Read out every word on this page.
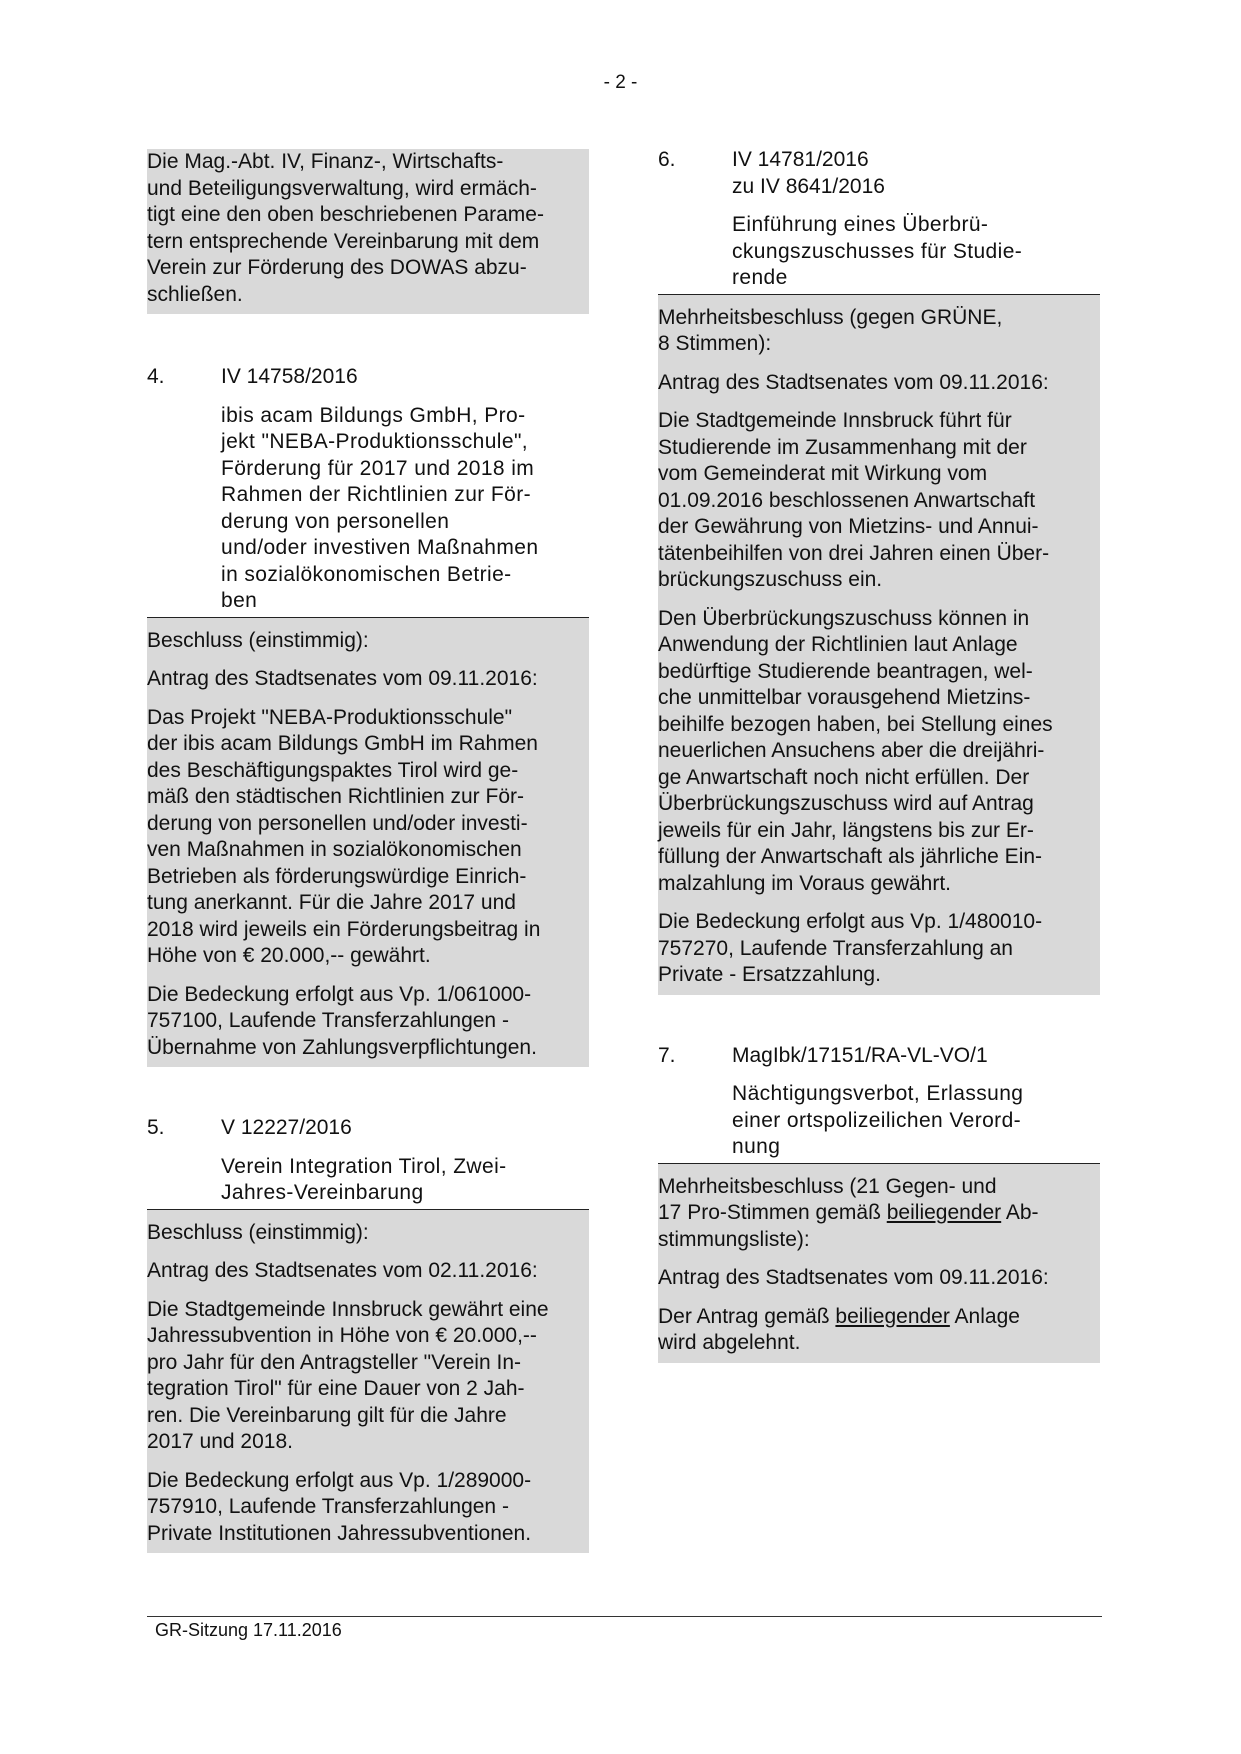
- 2 -
Die Mag.-Abt. IV, Finanz-, Wirtschafts-
und Beteiligungsverwaltung, wird ermäch-
tigt eine den oben beschriebenen Parame-
tern entsprechende Vereinbarung mit dem
Verein zur Förderung des DOWAS abzu-
schließen.
4.	IV 14758/2016
ibis acam Bildungs GmbH, Pro-
jekt "NEBA-Produktionsschule",
Förderung für 2017 und 2018 im
Rahmen der Richtlinien zur För-
derung von personellen
und/oder investiven Maßnahmen
in sozialökonomischen Betrie-
ben
Beschluss (einstimmig):
Antrag des Stadtsenates vom 09.11.2016:
Das Projekt "NEBA-Produktionsschule"
der ibis acam Bildungs GmbH im Rahmen
des Beschäftigungspaktes Tirol wird ge-
mäß den städtischen Richtlinien zur För-
derung von personellen und/oder investi-
ven Maßnahmen in sozialökonomischen
Betrieben als förderungswürdige Einrich-
tung anerkannt. Für die Jahre 2017 und
2018 wird jeweils ein Förderungsbeitrag in
Höhe von € 20.000,-- gewährt.
Die Bedeckung erfolgt aus Vp. 1/061000-
757100, Laufende Transferzahlungen -
Übernahme von Zahlungsverpflichtungen.
5.	V 12227/2016
Verein Integration Tirol, Zwei-
Jahres-Vereinbarung
Beschluss (einstimmig):
Antrag des Stadtsenates vom 02.11.2016:
Die Stadtgemeinde Innsbruck gewährt eine
Jahressubvention in Höhe von € 20.000,--
pro Jahr für den Antragsteller "Verein In-
tegration Tirol" für eine Dauer von 2 Jah-
ren. Die Vereinbarung gilt für die Jahre
2017 und 2018.
Die Bedeckung erfolgt aus Vp. 1/289000-
757910, Laufende Transferzahlungen -
Private Institutionen Jahressubventionen.
6.	IV 14781/2016
zu IV 8641/2016
Einführung eines Überbrü-
ckungszuschusses für Studie-
rende
Mehrheitsbeschluss (gegen GRÜNE,
8 Stimmen):
Antrag des Stadtsenates vom 09.11.2016:
Die Stadtgemeinde Innsbruck führt für
Studierende im Zusammenhang mit der
vom Gemeinderat mit Wirkung vom
01.09.2016 beschlossenen Anwartschaft
der Gewährung von Mietzins- und Annui-
tätenbeihilfen von drei Jahren einen Über-
brückungszuschuss ein.
Den Überbrückungszuschuss können in
Anwendung der Richtlinien laut Anlage
bedürftige Studierende beantragen, wel-
che unmittelbar vorausgehend Mietzins-
beihilfe bezogen haben, bei Stellung eines
neuerlichen Ansuchens aber die dreijähri-
ge Anwartschaft noch nicht erfüllen. Der
Überbrückungszuschuss wird auf Antrag
jeweils für ein Jahr, längstens bis zur Er-
füllung der Anwartschaft als jährliche Ein-
malzahlung im Voraus gewährt.
Die Bedeckung erfolgt aus Vp. 1/480010-
757270, Laufende Transferzahlung an
Private - Ersatzzahlung.
7.	MagIbk/17151/RA-VL-VO/1
Nächtigungsverbot, Erlassung
einer ortspolizeilichen Verord-
nung
Mehrheitsbeschluss (21 Gegen- und
17 Pro-Stimmen gemäß beiliegender Ab-
stimmungsliste):
Antrag des Stadtsenates vom 09.11.2016:
Der Antrag gemäß beiliegender Anlage
wird abgelehnt.
GR-Sitzung 17.11.2016
